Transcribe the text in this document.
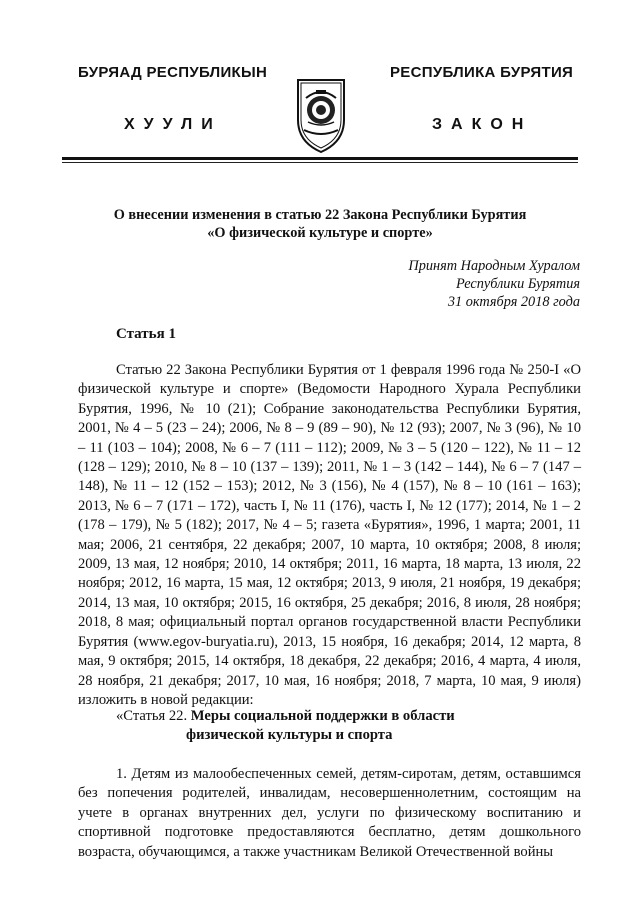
БУРЯАД РЕСПУБЛИКЫН
ХУУЛИ
РЕСПУБЛИКА БУРЯТИЯ
ЗАКОН
О внесении изменения в статью 22 Закона Республики Бурятия
«О физической культуре и спорте»
Принят Народным Хуралом
Республики Бурятия
31 октября 2018 года
Статья 1

Статью 22 Закона Республики Бурятия от 1 февраля 1996 года № 250-I «О физической культуре и спорте» (Ведомости Народного Хурала Республики Бурятия, 1996, № 10 (21); Собрание законодательства Республики Бурятия, 2001, № 4 – 5 (23 – 24); 2006, № 8 – 9 (89 – 90), № 12 (93); 2007, № 3 (96), № 10 – 11 (103 – 104); 2008, № 6 – 7 (111 – 112); 2009, № 3 – 5 (120 – 122), № 11 – 12 (128 – 129); 2010, № 8 – 10 (137 – 139); 2011, № 1 – 3 (142 – 144), № 6 – 7 (147 – 148), № 11 – 12 (152 – 153); 2012, № 3 (156), № 4 (157), № 8 – 10 (161 – 163); 2013, № 6 – 7 (171 – 172), часть I, № 11 (176), часть I, № 12 (177); 2014, № 1 – 2 (178 – 179), № 5 (182); 2017, № 4 – 5; газета «Бурятия», 1996, 1 марта; 2001, 11 мая; 2006, 21 сентября, 22 декабря; 2007, 10 марта, 10 октября; 2008, 8 июля; 2009, 13 мая, 12 ноября; 2010, 14 октября; 2011, 16 марта, 18 марта, 13 июля, 22 ноября; 2012, 16 марта, 15 мая, 12 октября; 2013, 9 июля, 21 ноября, 19 декабря; 2014, 13 мая, 10 октября; 2015, 16 октября, 25 декабря; 2016, 8 июля, 28 ноября; 2018, 8 мая; официальный портал органов государственной власти Республики Бурятия (www.egov-buryatia.ru), 2013, 15 ноября, 16 декабря; 2014, 12 марта, 8 мая, 9 октября; 2015, 14 октября, 18 декабря, 22 декабря; 2016, 4 марта, 4 июля, 28 ноября, 21 декабря; 2017, 10 мая, 16 ноября; 2018, 7 марта, 10 мая, 9 июля) изложить в новой редакции:

«Статья 22. Меры социальной поддержки в области
физической культуры и спорта

1. Детям из малообеспеченных семей, детям-сиротам, детям, оставшимся без попечения родителей, инвалидам, несовершеннолетним, состоящим на учете в органах внутренних дел, услуги по физическому воспитанию и спортивной подготовке предоставляются бесплатно, детям дошкольного возраста, обучающимся, а также участникам Великой Отечественной войны
